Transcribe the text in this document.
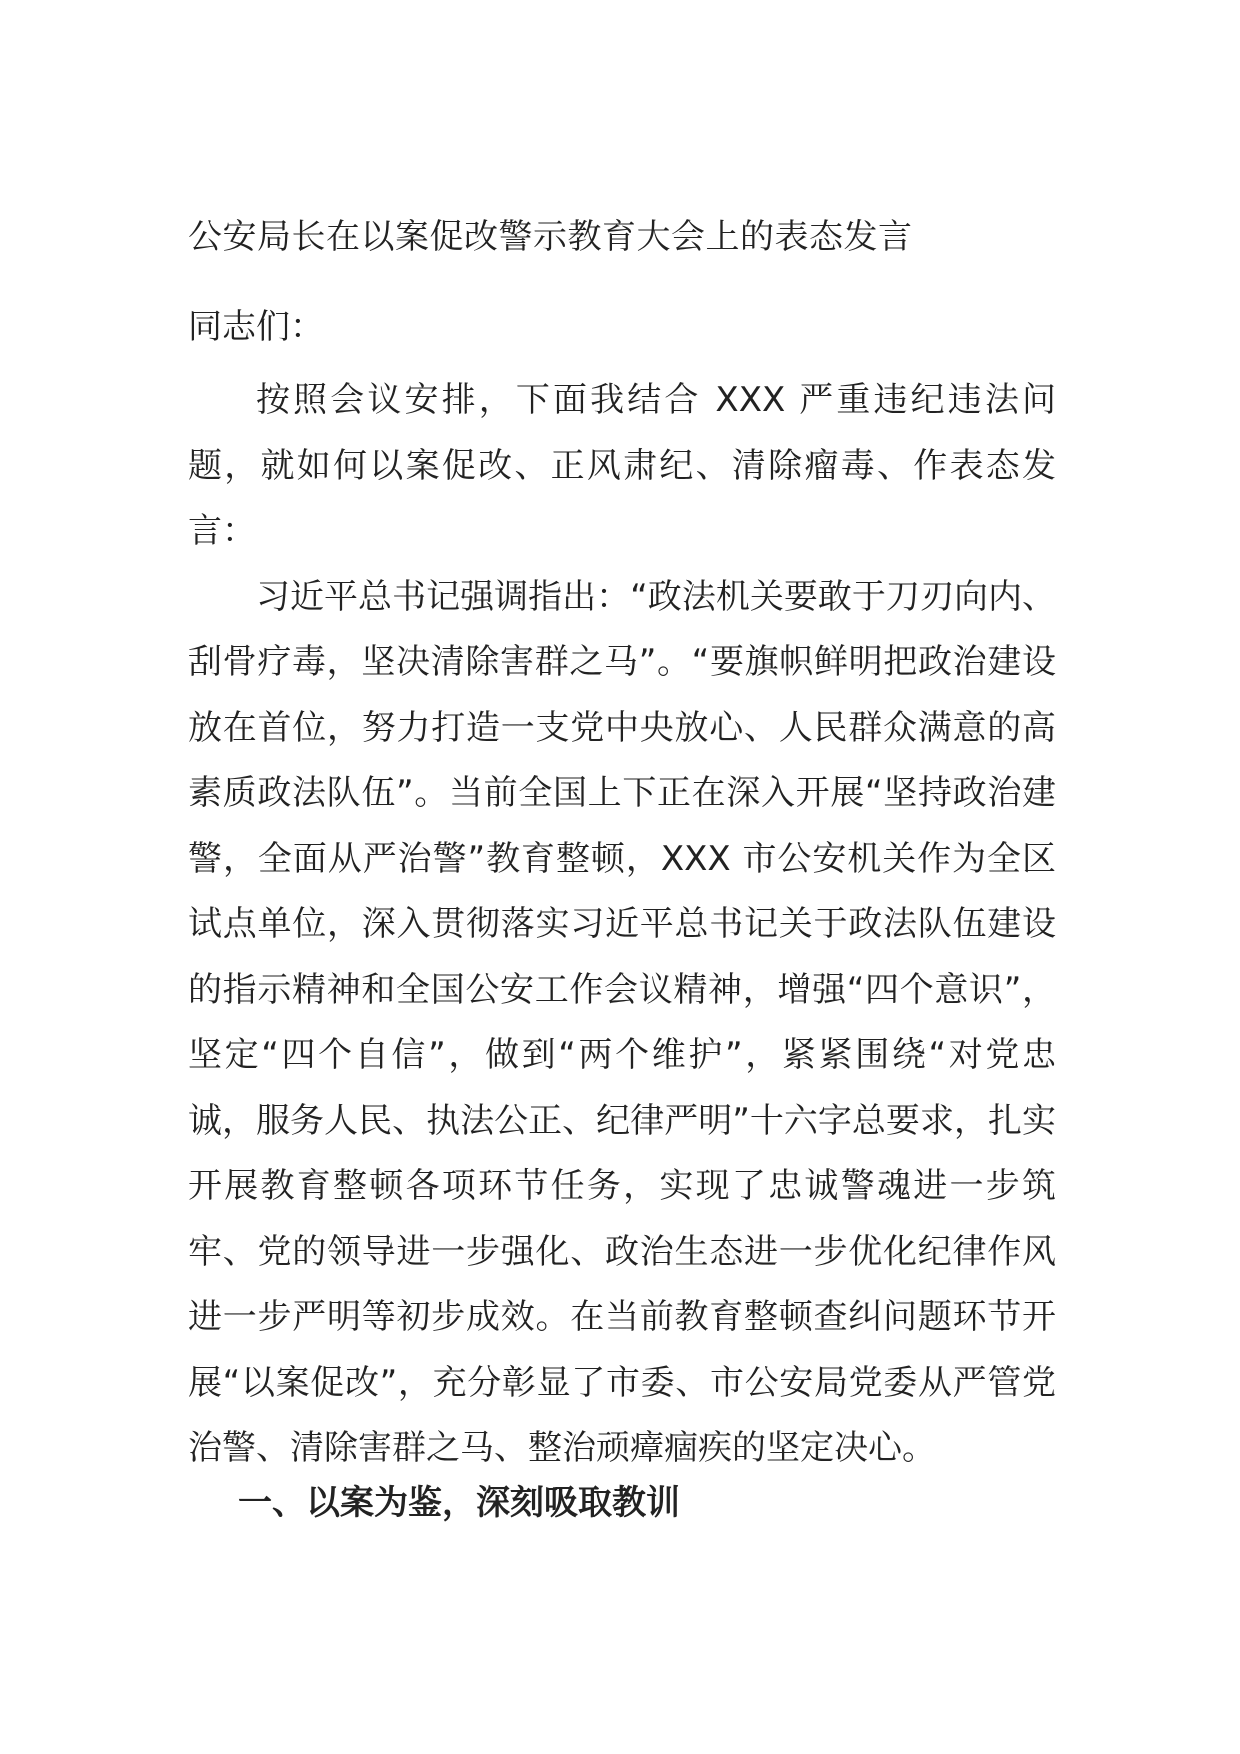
公安局长在以案促改警示教育大会上的表态发言
同志们：

按照会议安排，下面我结合 XXX 严重违纪违法问题，就如何以案促改、正风肃纪、清除瘤毒、作表态发言：

习近平总书记强调指出：“政法机关要敢于刀刃向内、刮骨疗毒，坚决清除害群之马”。“要旗帜鲜明把政治建设放在首位，努力打造一支党中央放心、人民群众满意的高素质政法队伍”。当前全国上下正在深入开展“坚持政治建警，全面从严治警”教育整顿，XXX 市公安机关作为全区试点单位，深入贯彻落实习近平总书记关于政法队伍建设的指示精神和全国公安工作会议精神，增强“四个意识”，坚定“四个自信”，做到“两个维护”，紧紧围绕“对党忠诚，服务人民、执法公正、纪律严明”十六字总要求，扎实开展教育整顿各项环节任务，实现了忠诚警魂进一步筑牢、党的领导进一步强化、政治生态进一步优化纪律作风进一步严明等初步成效。在当前教育整顿查纠问题环节开展“以案促改”，充分彰显了市委、市公安局党委从严管党治警、清除害群之马、整治顽瘴痼疾的坚定决心。

一、以案为鉴，深刻吸取教训
